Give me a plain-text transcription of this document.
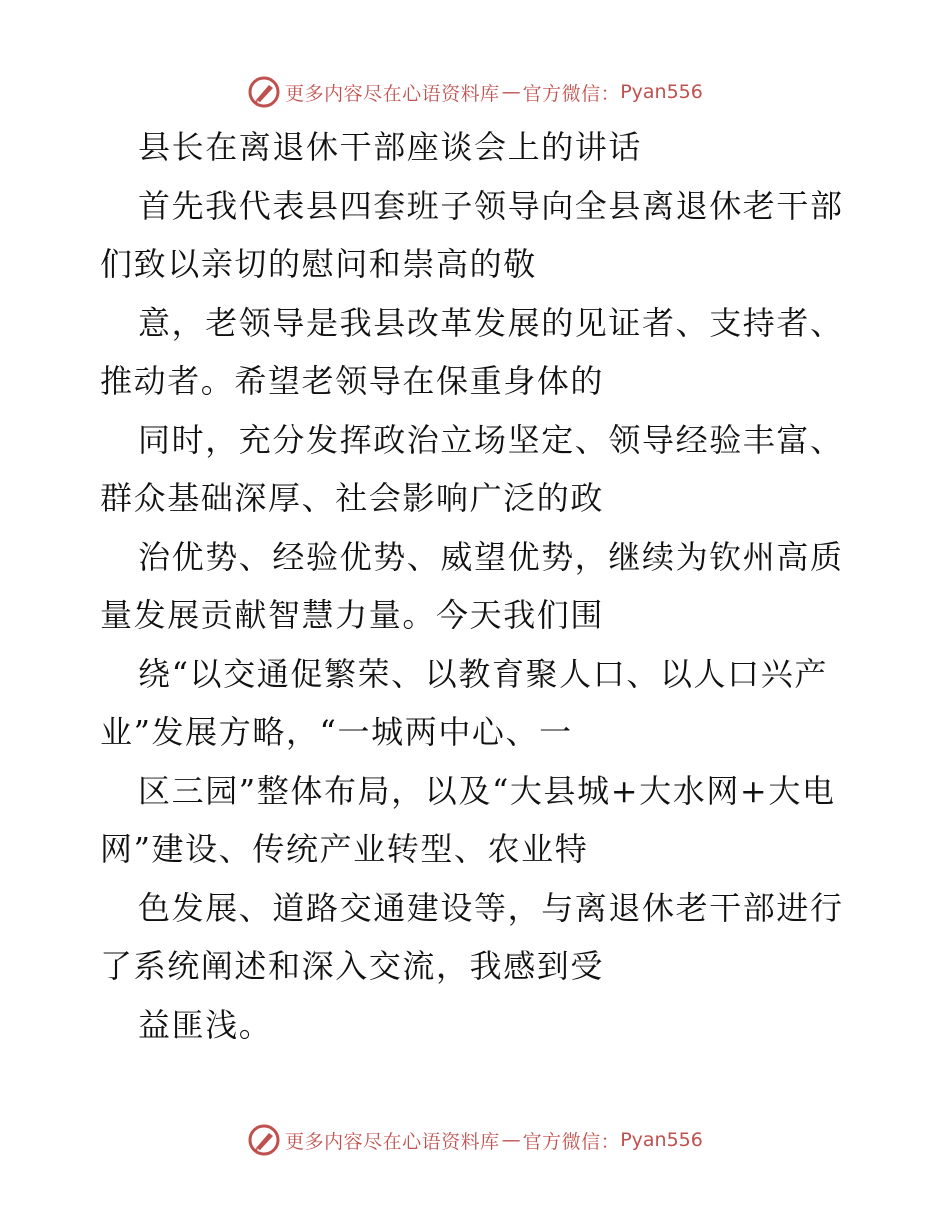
更多内容尽在心语资料库 — 官方微信： Pyan556
县长在离退休干部座谈会上的讲话
首先我代表县四套班子领导向全县离退休老干部
们致以亲切的慰问和崇高的敬
意，老领导是我县改革发展的见证者、支持者、
推动者。希望老领导在保重身体的
同时，充分发挥政治立场坚定、领导经验丰富、
群众基础深厚、社会影响广泛的政
治优势、经验优势、威望优势，继续为钦州高质
量发展贡献智慧力量。今天我们围
绕“以交通促繁荣、以教育聚人口、以人口兴产
业”发展方略，“一城两中心、一
区三园”整体布局，以及“大县城+大水网+大电
网”建设、传统产业转型、农业特
色发展、道路交通建设等，与离退休老干部进行
了系统阐述和深入交流，我感到受
益匪浅。
更多内容尽在心语资料库 — 官方微信： Pyan556
